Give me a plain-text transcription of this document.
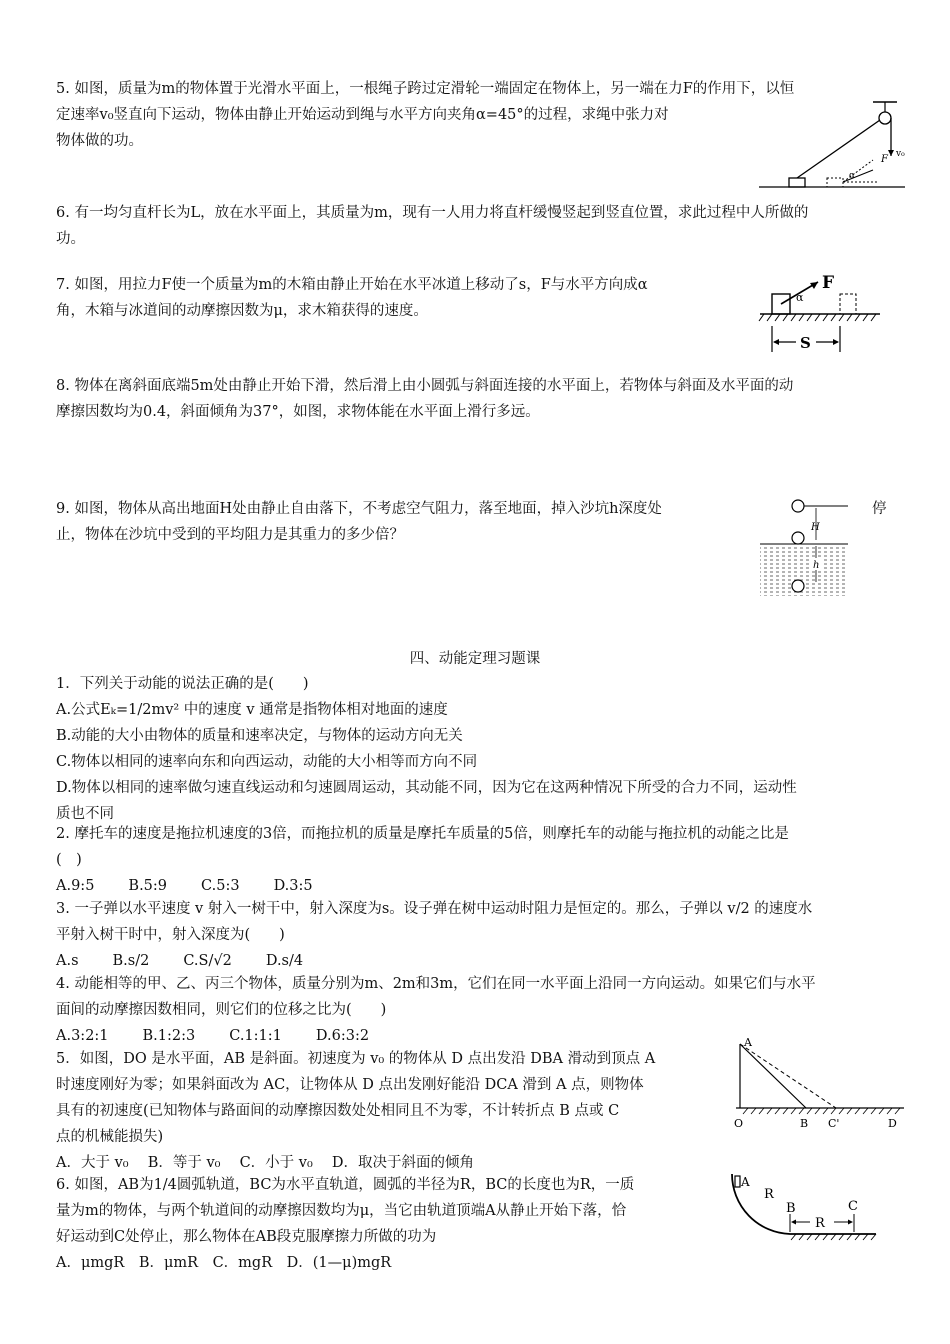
5. 如图，质量为m的物体置于光滑水平面上，一根绳子跨过定滑轮一端固定在物体上，另一端在力F的作用下，以恒
定速率v₀竖直向下运动，物体由静止开始运动到绳与水平方向夹角α=45°的过程，求绳中张力对
物体做的功。
v₀
F
α
6. 有一均匀直杆长为L，放在水平面上，其质量为m，现有一人用力将直杆缓慢竖起到竖直位置，求此过程中人所做的
功。
7. 如图，用拉力F使一个质量为m的木箱由静止开始在水平冰道上移动了s，F与水平方向成α
角，木箱与冰道间的动摩擦因数为μ，求木箱获得的速度。
F
α
S
8. 物体在离斜面底端5m处由静止开始下滑，然后滑上由小圆弧与斜面连接的水平面上，若物体与斜面及水平面的动
摩擦因数均为0.4，斜面倾角为37°，如图，求物体能在水平面上滑行多远。
9. 如图，物体从高出地面H处由静止自由落下，不考虑空气阻力，落至地面，掉入沙坑h深度处	停
止，物体在沙坑中受到的平均阻力是其重力的多少倍？	H
h
四、动能定理习题课
1．下列关于动能的说法正确的是(　　)
A.公式Eₖ=1/2mv² 中的速度 v 通常是指物体相对地面的速度
B.动能的大小由物体的质量和速率决定，与物体的运动方向无关
C.物体以相同的速率向东和向西运动，动能的大小相等而方向不同
D.物体以相同的速率做匀速直线运动和匀速圆周运动，其动能不同，因为它在这两种情况下所受的合力不同，运动性
质也不同
2. 摩托车的速度是拖拉机速度的3倍，而拖拉机的质量是摩托车质量的5倍，则摩托车的动能与拖拉机的动能之比是
(　)
A.9:5 B.5:9 C.5:3 D.3:5
3. 一子弹以水平速度 v 射入一树干中，射入深度为s。设子弹在树中运动时阻力是恒定的。那么，子弹以 v/2 的速度水
平射入树干时中，射入深度为(　　)
A.s B.s/2 C.S/√2 D.s/4
4. 动能相等的甲、乙、丙三个物体，质量分别为m、2m和3m，它们在同一水平面上沿同一方向运动。如果它们与水平
面间的动摩擦因数相同，则它们的位移之比为(　　)
A.3:2:1 B.1:2:3 C.1:1:1 D.6:3:2
5．如图，DO 是水平面，AB 是斜面。初速度为 v₀ 的物体从 D 点出发沿 DBA 滑动到顶点 A
时速度刚好为零；如果斜面改为 AC，让物体从 D 点出发刚好能沿 DCA 滑到 A 点，则物体
具有的初速度(已知物体与路面间的动摩擦因数处处相同且不为零，不计转折点 B 点或 C
点的机械能损失)
A．大于 v₀　 B．等于 v₀　 C．小于 v₀　 D．取决于斜面的倾角
A
O	B C'	D
6. 如图，AB为1/4圆弧轨道，BC为水平直轨道，圆弧的半径为R，BC的长度也为R，一质
量为m的物体，与两个轨道间的动摩擦因数均为μ，当它由轨道顶端A从静止开始下落，恰
好运动到C处停止，那么物体在AB段克服摩擦力所做的功为
A．μmgR　B．μmR　C．mgR　D．(1—μ)mgR
A
R
B
R
C
